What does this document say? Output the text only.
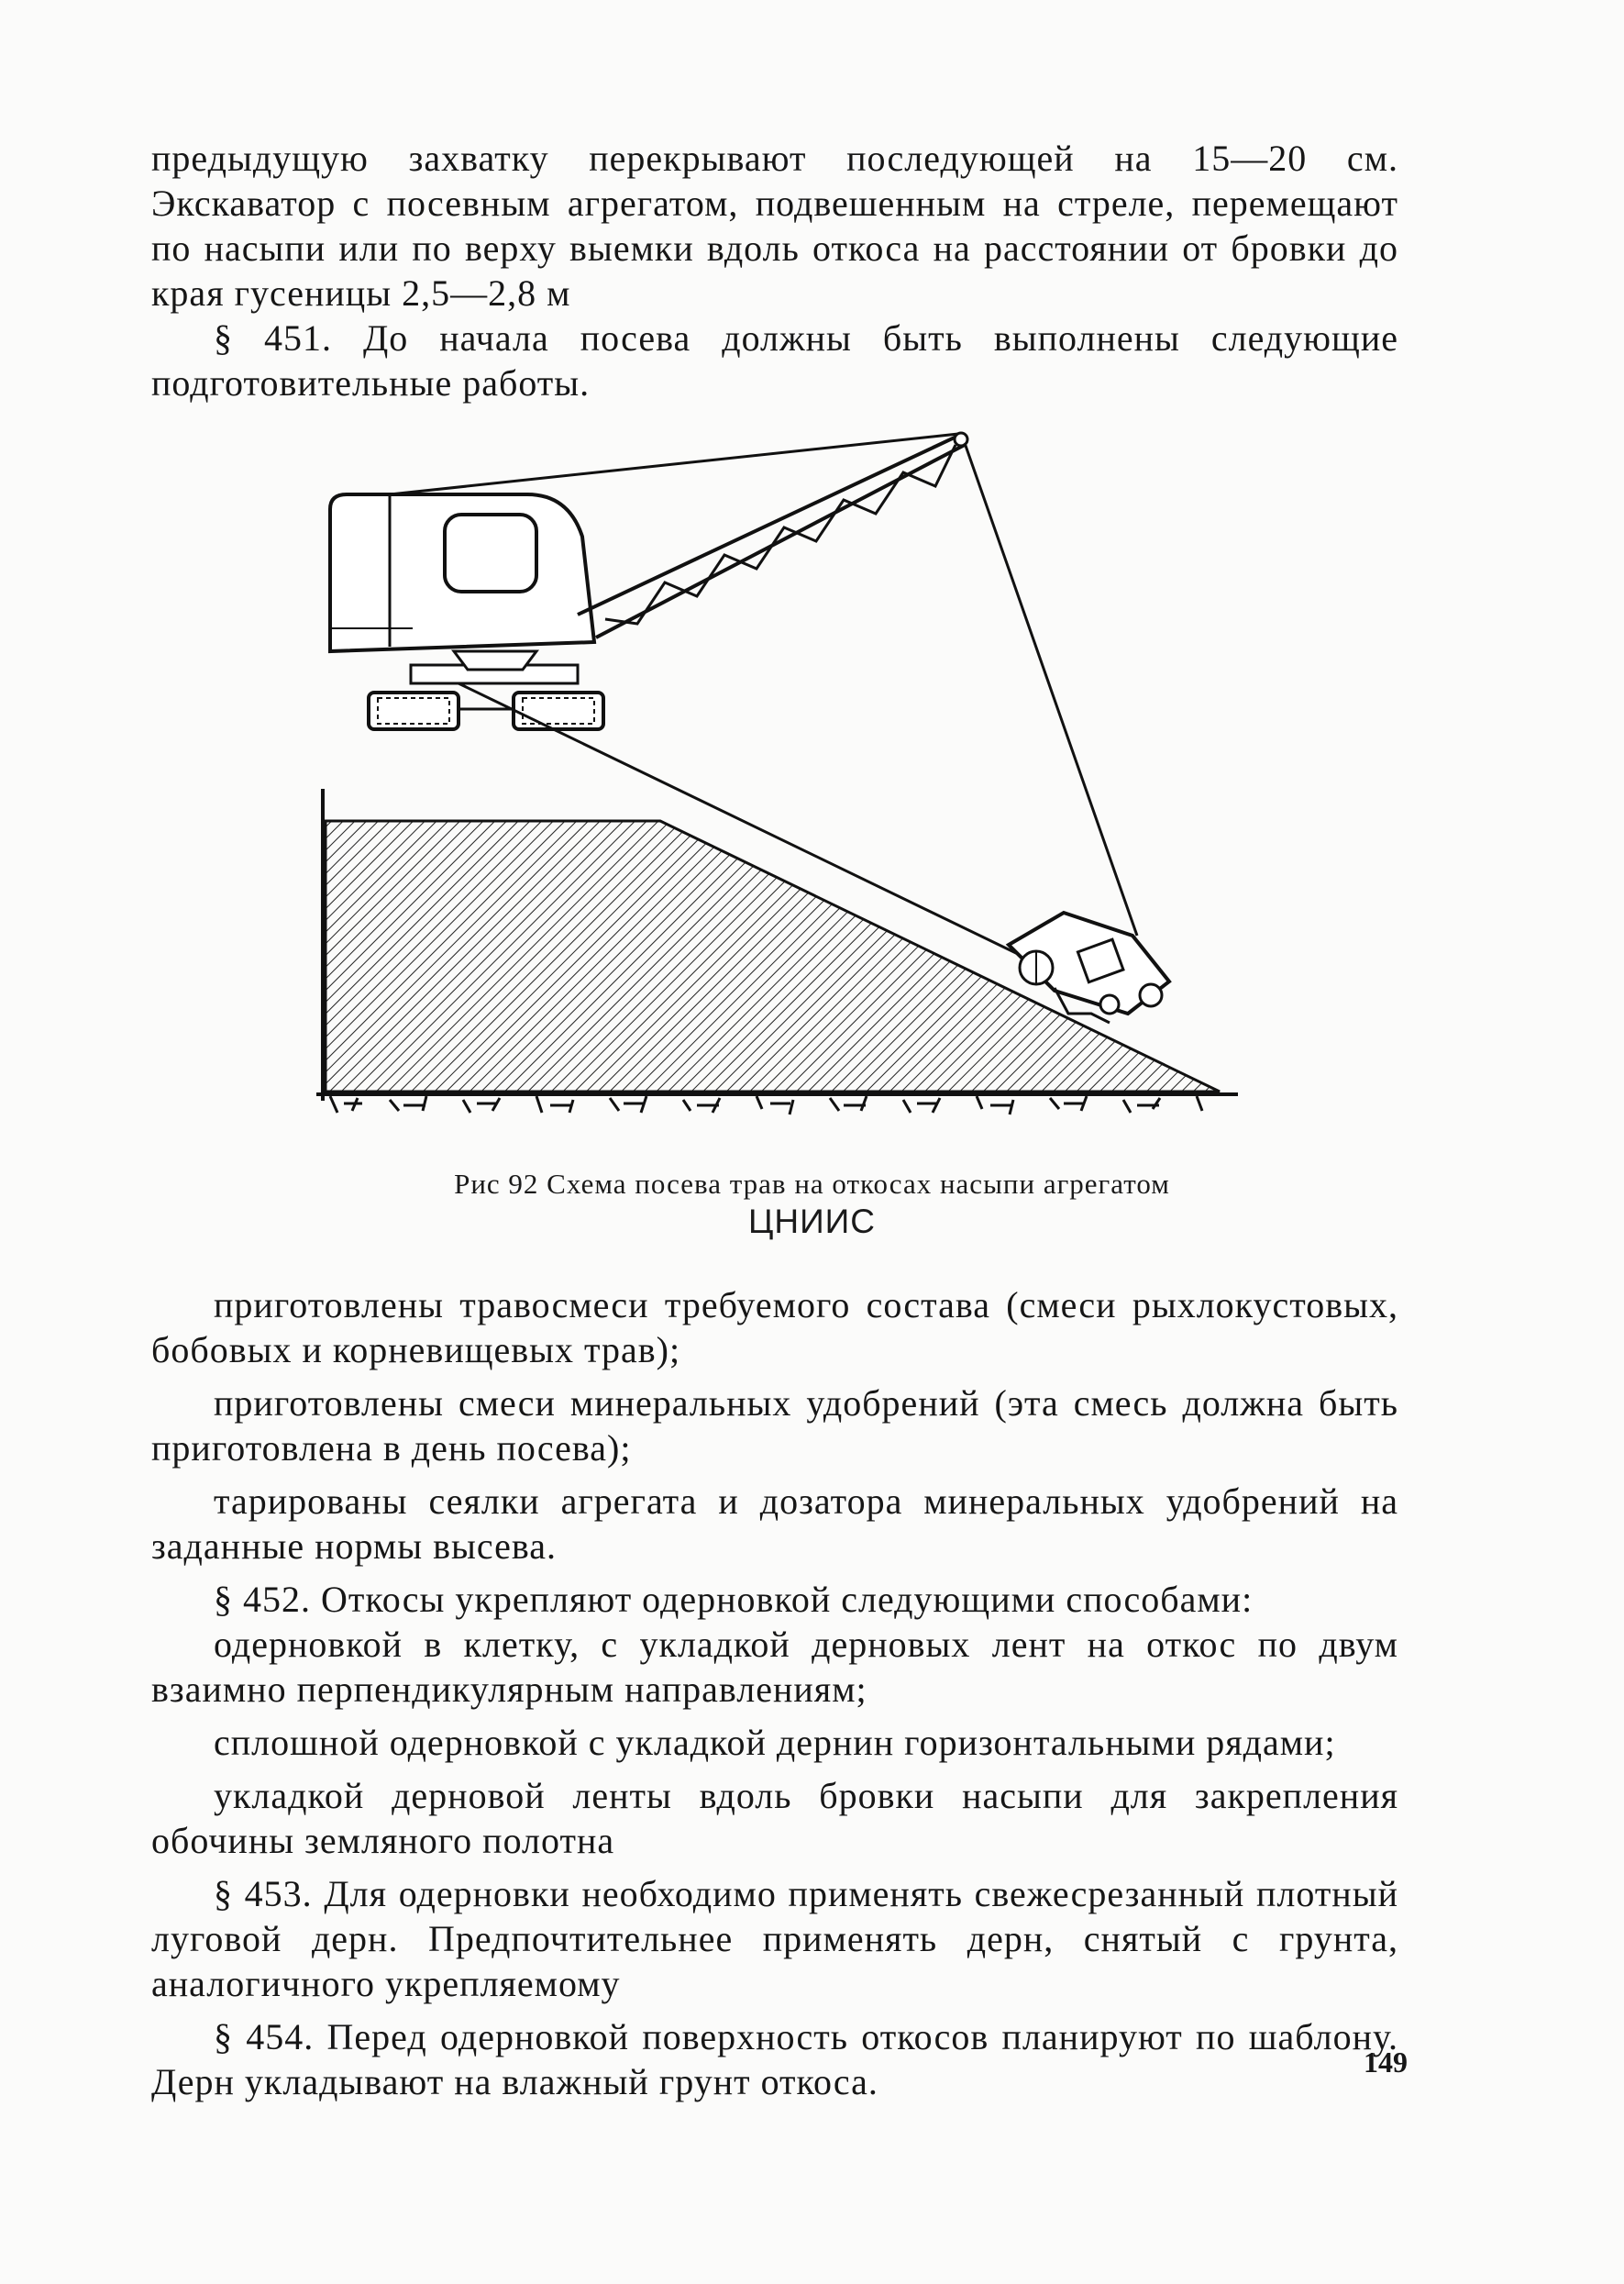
предыдущую захватку перекрывают последующей на 15—20 см. Экскаватор с посевным агрегатом, подвешенным на стреле, перемещают по насыпи или по верху выемки вдоль откоса на расстоянии от бровки до края гусеницы 2,5—2,8 м

§ 451. До начала посева должны быть выполнены следующие подготовительные работы.

Рис 92 Схема посева трав на откосах насыпи агрегатом
ЦНИИС

приготовлены травосмеси требуемого состава (смеси рыхлокустовых, бобовых и корневищевых трав);

приготовлены смеси минеральных удобрений (эта смесь должна быть приготовлена в день посева);

тарированы сеялки агрегата и дозатора минеральных удобрений на заданные нормы высева.

§ 452. Откосы укрепляют одерновкой следующими способами:

одерновкой в клетку, с укладкой дерновых лент на откос по двум взаимно перпендикулярным направлениям;

сплошной одерновкой с укладкой дернин горизонтальными рядами;

укладкой дерновой ленты вдоль бровки насыпи для закрепления обочины земляного полотна

§ 453. Для одерновки необходимо применять свежесрезанный плотный луговой дерн. Предпочтительнее применять дерн, снятый с грунта, аналогичного укрепляемому

§ 454. Перед одерновкой поверхность откосов планируют по шаблону. Дерн укладывают на влажный грунт откоса.	149
